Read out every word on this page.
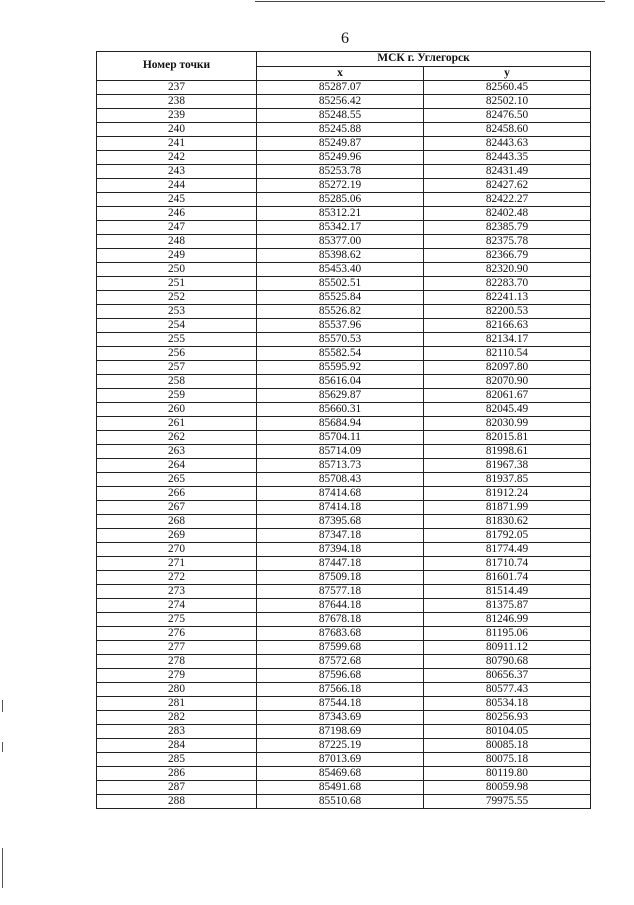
6
Номер точки	МСК г. Углегорск	
	x	y
237	85287.07	82560.45
238	85256.42	82502.10
239	85248.55	82476.50
240	85245.88	82458.60
241	85249.87	82443.63
242	85249.96	82443.35
243	85253.78	82431.49
244	85272.19	82427.62
245	85285.06	82422.27
246	85312.21	82402.48
247	85342.17	82385.79
248	85377.00	82375.78
249	85398.62	82366.79
250	85453.40	82320.90
251	85502.51	82283.70
252	85525.84	82241.13
253	85526.82	82200.53
254	85537.96	82166.63
255	85570.53	82134.17
256	85582.54	82110.54
257	85595.92	82097.80
258	85616.04	82070.90
259	85629.87	82061.67
260	85660.31	82045.49
261	85684.94	82030.99
262	85704.11	82015.81
263	85714.09	81998.61
264	85713.73	81967.38
265	85708.43	81937.85
266	87414.68	81912.24
267	87414.18	81871.99
268	87395.68	81830.62
269	87347.18	81792.05
270	87394.18	81774.49
271	87447.18	81710.74
272	87509.18	81601.74
273	87577.18	81514.49
274	87644.18	81375.87
275	87678.18	81246.99
276	87683.68	81195.06
277	87599.68	80911.12
278	87572.68	80790.68
279	87596.68	80656.37
280	87566.18	80577.43
281	87544.18	80534.18
282	87343.69	80256.93
283	87198.69	80104.05
284	87225.19	80085.18
285	87013.69	80075.18
286	85469.68	80119.80
287	85491.68	80059.98
288	85510.68	79975.55
